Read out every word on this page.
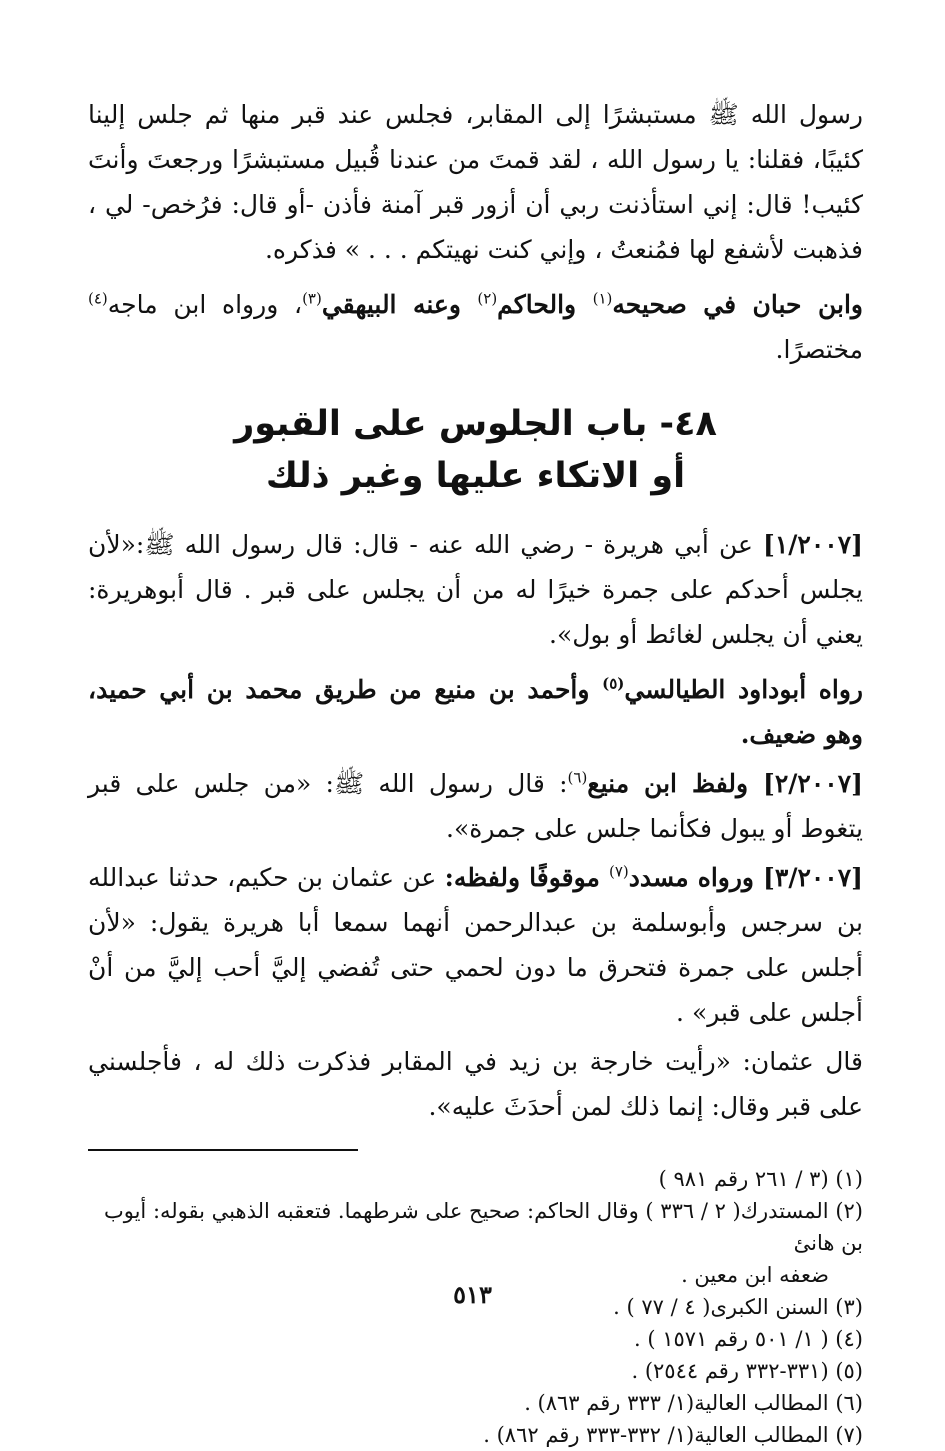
رسول الله ﷺ مستبشرًا إلى المقابر، فجلس عند قبر منها ثم جلس إلينا كئيبًا، فقلنا: يا رسول الله ، لقد قمتَ من عندنا قُبيل مستبشرًا ورجعتَ وأنتَ كئيب! قال: إني استأذنت ربي أن أزور قبر آمنة فأذن -أو قال: فرُخص- لي ، فذهبت لأشفع لها فمُنعتُ ، وإني كنت نهيتكم . . . » فذكره.

وابن حبان في صحيحه$^{(١)}$ والحاكم$^{(٢)}$ وعنه البيهقي$^{(٣)}$، ورواه ابن ماجه$^{(٤)}$ مختصرًا.

٤٨- باب الجلوس على القبور
أو الاتكاء عليها وغير ذلك

[١/٢٠٠٧] عن أبي هريرة - رضي الله عنه - قال: قال رسول الله ﷺ:«لأن يجلس أحدكم على جمرة خيرًا له من أن يجلس على قبر . قال أبوهريرة: يعني أن يجلس لغائط أو بول».

رواه أبوداود الطيالسي$^{(٥)}$ وأحمد بن منيع من طريق محمد بن أبي حميد، وهو ضعيف.

[٢/٢٠٠٧] ولفظ ابن منيع$^{(٦)}$: قال رسول الله ﷺ: «من جلس على قبر يتغوط أو يبول فكأنما جلس على جمرة».

[٣/٢٠٠٧] ورواه مسدد$^{(٧)}$ موقوفًا ولفظه: عن عثمان بن حكيم، حدثنا عبدالله بن سرجس وأبوسلمة بن عبدالرحمن أنهما سمعا أبا هريرة يقول: «لأن أجلس على جمرة فتحرق ما دون لحمي حتى تُفضي إليَّ أحب إليَّ من أنْ أجلس على قبر» .

قال عثمان: «رأيت خارجة بن زيد في المقابر فذكرت ذلك له ، فأجلسني على قبر وقال: إنما ذلك لمن أحدَثَ عليه».

(١) (٣ / ٢٦١ رقم ٩٨١ )

(٢) المستدرك( ٢ / ٣٣٦ ) وقال الحاكم: صحيح على شرطهما. فتعقبه الذهبي بقوله: أيوب بن هانئ

ضعفه ابن معين .

(٣) السنن الكبرى( ٤ / ٧٧ ) .

(٤) ( ١/ ٥٠١ رقم ١٥٧١ ) .

(٥) (٣٣١-٣٣٢ رقم ٢٥٤٤) .

(٦) المطالب العالية(١/ ٣٣٣ رقم ٨٦٣) .

(٧) المطالب العالية(١/ ٣٣٢-٣٣٣ رقم ٨٦٢) .

٥١٣
